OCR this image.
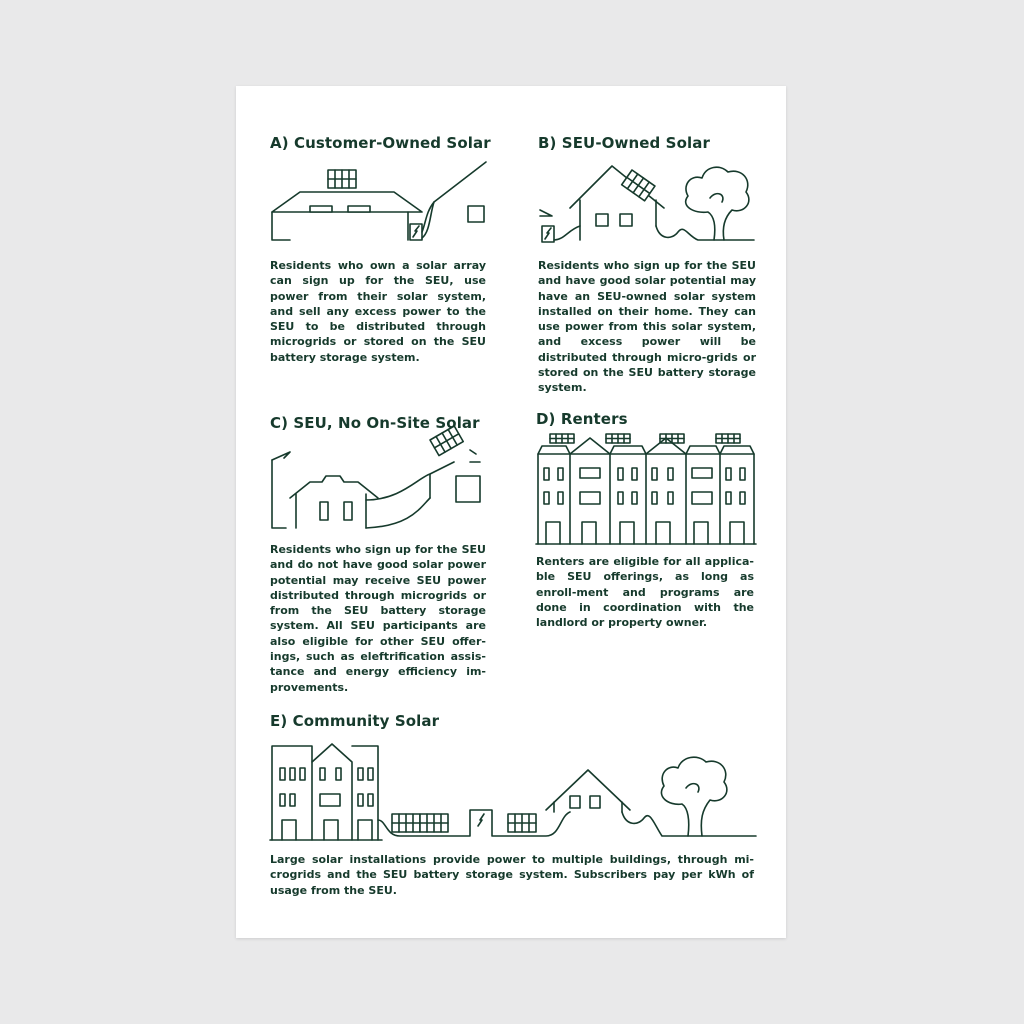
A) Customer-Owned Solar

Residents who own a solar array can sign up for the SEU, use power from their solar system, and sell any excess power to the SEU to be distributed through microgrids or stored on the SEU battery storage system.

B) SEU-Owned Solar

Residents who sign up for the SEU and have good solar potential may have an SEU-owned solar system installed on their home. They can use power from this solar system, and excess power will be distributed through micro-grids or stored on the SEU battery storage system.

C) SEU, No On-Site Solar

Residents who sign up for the SEU and do not have good solar power potential may receive SEU power distributed through microgrids or from the SEU battery storage system. All SEU participants are also eligible for other SEU offer-ings, such as eleftrification assis-tance and energy efficiency im-provements.

D) Renters

Renters are eligible for all applica-ble SEU offerings, as long as enroll-ment and programs are done in coordination with the landlord or property owner.

E) Community Solar

Large solar installations provide power to multiple buildings, through mi-crogrids and the SEU battery storage system. Subscribers pay per kWh of usage from the SEU.
